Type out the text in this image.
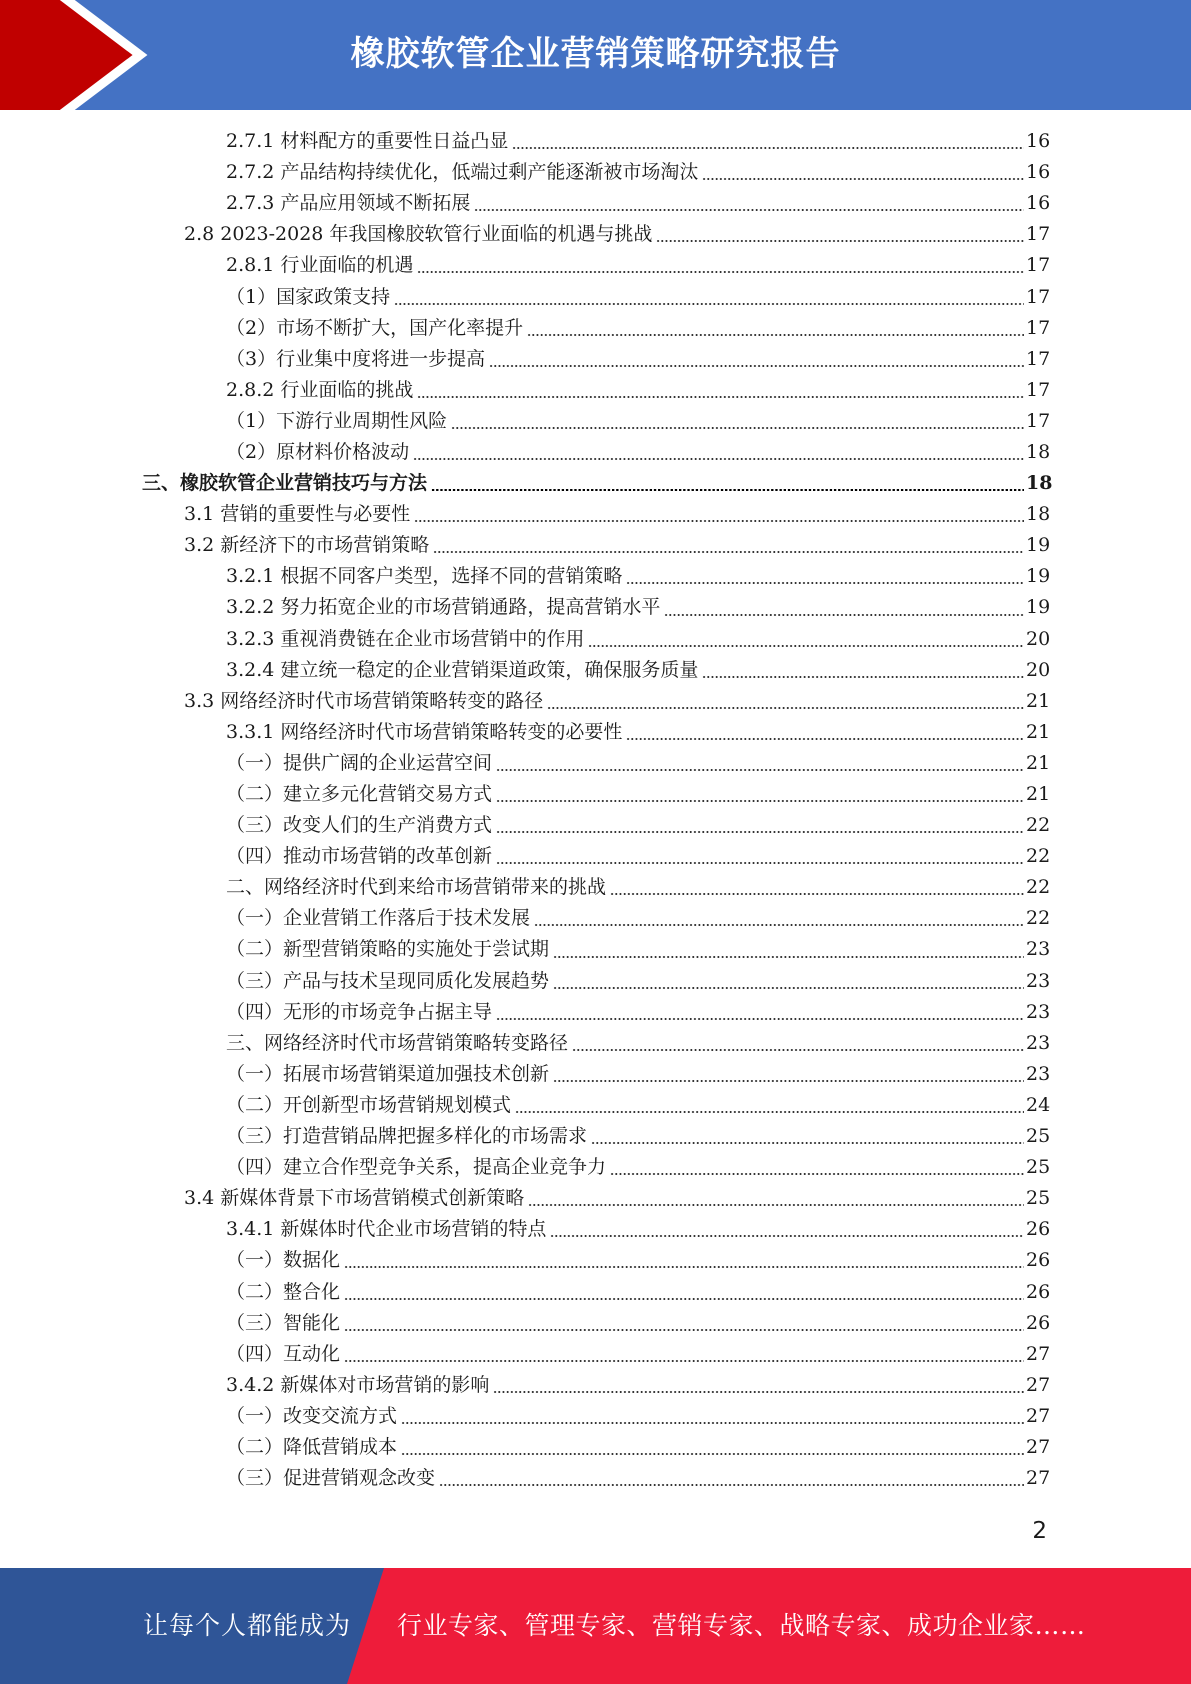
橡胶软管企业营销策略研究报告
2.7.1 材料配方的重要性日益凸显	16
2.7.2 产品结构持续优化，低端过剩产能逐渐被市场淘汰	16
2.7.3 产品应用领域不断拓展	16
2.8 2023-2028 年我国橡胶软管行业面临的机遇与挑战	17
2.8.1 行业面临的机遇	17
（1）国家政策支持	17
（2）市场不断扩大，国产化率提升	17
（3）行业集中度将进一步提高	17
2.8.2 行业面临的挑战	17
（1）下游行业周期性风险	17
（2）原材料价格波动	18
三、橡胶软管企业营销技巧与方法	18
3.1 营销的重要性与必要性	18
3.2 新经济下的市场营销策略	19
3.2.1 根据不同客户类型，选择不同的营销策略	19
3.2.2 努力拓宽企业的市场营销通路，提高营销水平	19
3.2.3 重视消费链在企业市场营销中的作用	20
3.2.4 建立统一稳定的企业营销渠道政策，确保服务质量	20
3.3 网络经济时代市场营销策略转变的路径	21
3.3.1 网络经济时代市场营销策略转变的必要性	21
（一）提供广阔的企业运营空间	21
（二）建立多元化营销交易方式	21
（三）改变人们的生产消费方式	22
（四）推动市场营销的改革创新	22
二、网络经济时代到来给市场营销带来的挑战	22
（一）企业营销工作落后于技术发展	22
（二）新型营销策略的实施处于尝试期	23
（三）产品与技术呈现同质化发展趋势	23
（四）无形的市场竞争占据主导	23
三、网络经济时代市场营销策略转变路径	23
（一）拓展市场营销渠道加强技术创新	23
（二）开创新型市场营销规划模式	24
（三）打造营销品牌把握多样化的市场需求	25
（四）建立合作型竞争关系，提高企业竞争力	25
3.4 新媒体背景下市场营销模式创新策略	25
3.4.1 新媒体时代企业市场营销的特点	26
（一）数据化	26
（二）整合化	26
（三）智能化	26
（四）互动化	27
3.4.2 新媒体对市场营销的影响	27
（一）改变交流方式	27
（二）降低营销成本	27
（三）促进营销观念改变	27
2
让每个人都能成为 行业专家、管理专家、营销专家、战略专家、成功企业家……
